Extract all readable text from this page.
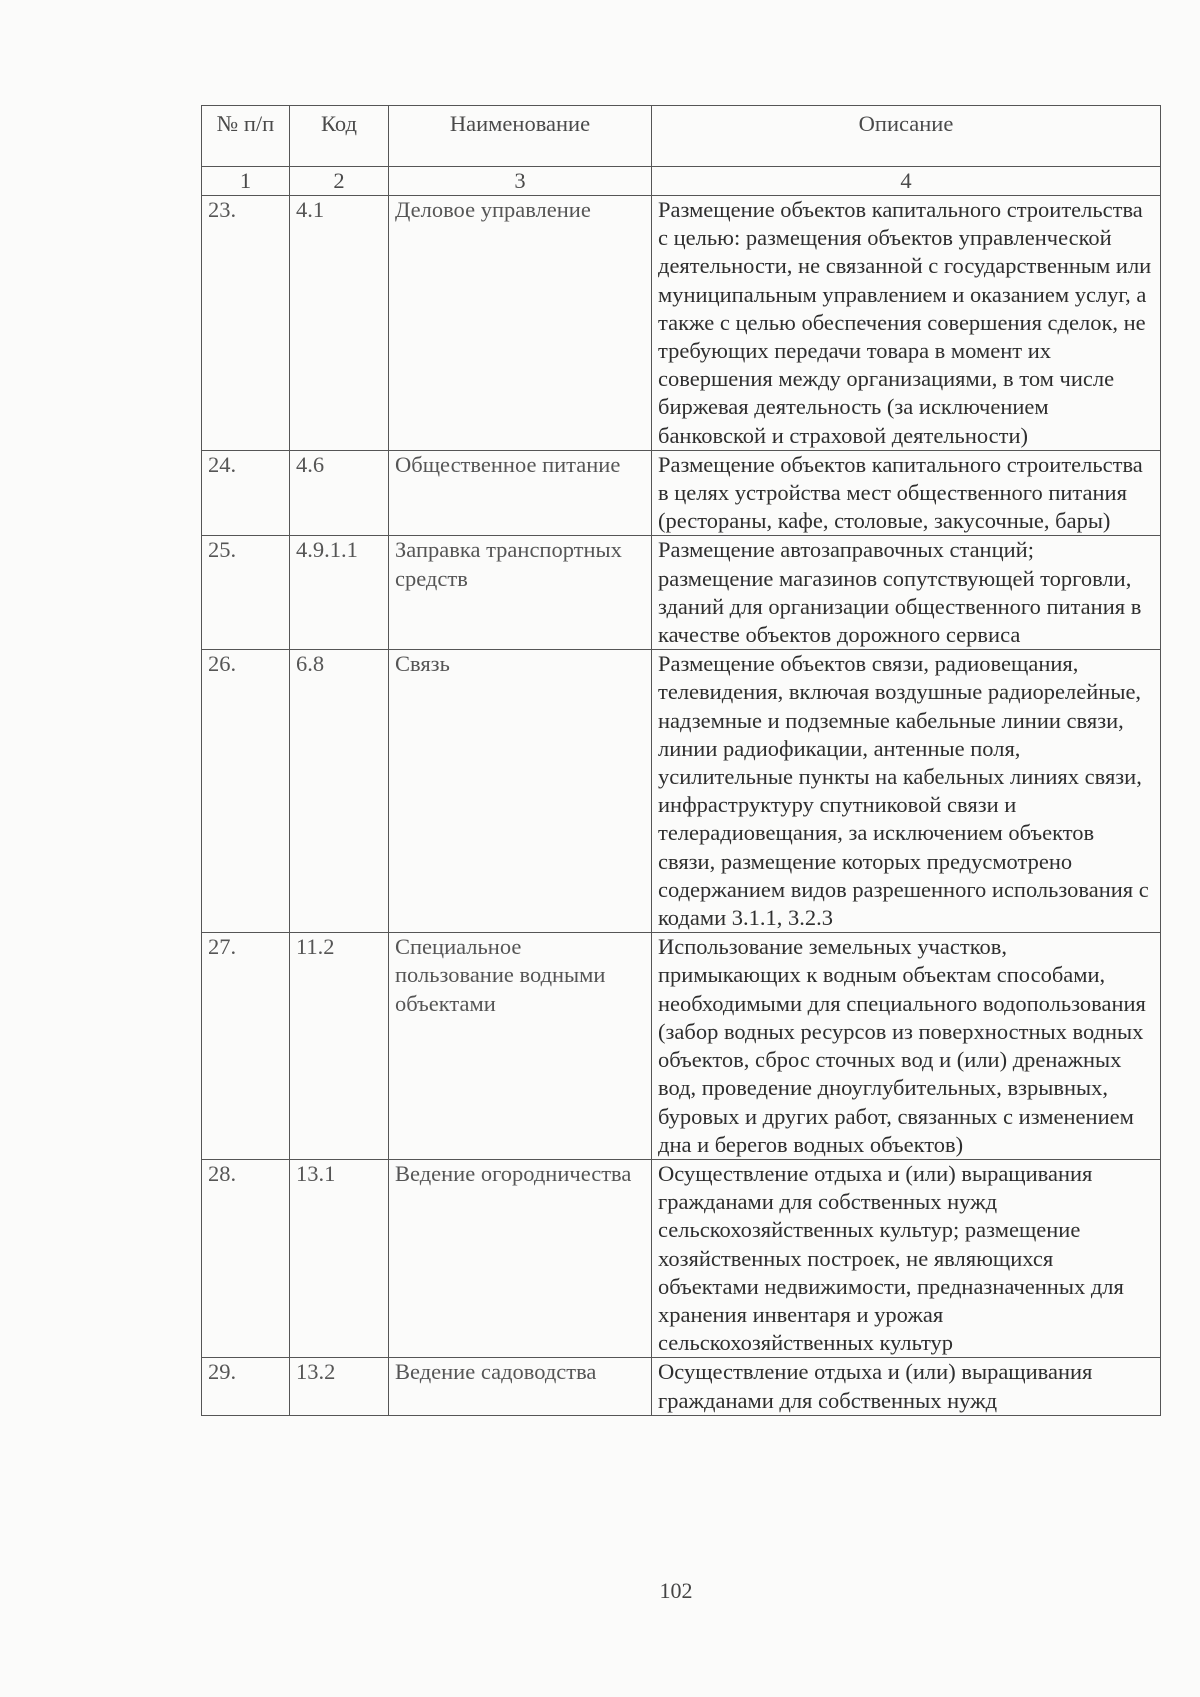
№ п/п	Код	Наименование	Описание
1	2	3	4
23.	4.1	Деловое управление	Размещение объектов капитального строительства с целью: размещения объектов управленческой деятельности, не связанной с государственным или муниципальным управлением и оказанием услуг, а также с целью обеспечения совершения сделок, не требующих передачи товара в момент их совершения между организациями, в том числе биржевая деятельность (за исключением банковской и страховой деятельности)
24.	4.6	Общественное питание	Размещение объектов капитального строительства в целях устройства мест общественного питания (рестораны, кафе, столовые, закусочные, бары)
25.	4.9.1.1	Заправка транспортных средств	Размещение автозаправочных станций; размещение магазинов сопутствующей торговли, зданий для организации общественного питания в качестве объектов дорожного сервиса
26.	6.8	Связь	Размещение объектов связи, радиовещания, телевидения, включая воздушные радиорелейные, надземные и подземные кабельные линии связи, линии радиофикации, антенные поля, усилительные пункты на кабельных линиях связи, инфраструктуру спутниковой связи и телерадиовещания, за исключением объектов связи, размещение которых предусмотрено содержанием видов разрешенного использования с кодами 3.1.1, 3.2.3
27.	11.2	Специальное пользование водными объектами	Использование земельных участков, примыкающих к водным объектам способами, необходимыми для специального водопользования (забор водных ресурсов из поверхностных водных объектов, сброс сточных вод и (или) дренажных вод, проведение дноуглубительных, взрывных, буровых и других работ, связанных с изменением дна и берегов водных объектов)
28.	13.1	Ведение огородничества	Осуществление отдыха и (или) выращивания гражданами для собственных нужд сельскохозяйственных культур; размещение хозяйственных построек, не являющихся объектами недвижимости, предназначенных для хранения инвентаря и урожая сельскохозяйственных культур
29.	13.2	Ведение садоводства	Осуществление отдыха и (или) выращивания гражданами для собственных нужд
102
